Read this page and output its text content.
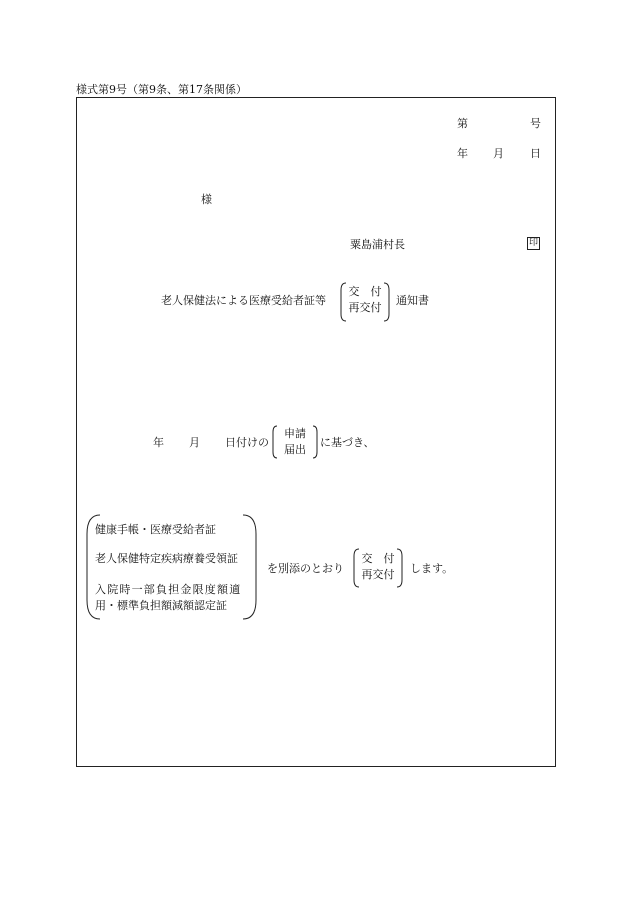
様式第9号（第9条、第17条関係）
第	号
年 月 日
様
粟島浦村長	印
老人保健法による医療受給者証等
交　付
再交付
通知書
年 月 日付けの
申請
届出
に基づき、
健康手帳・医療受給者証
老人保健特定疾病療養受領証
入院時一部負担金限度額適
用・標準負担額減額認定証
を別添のとおり
交　付
再交付	します。
